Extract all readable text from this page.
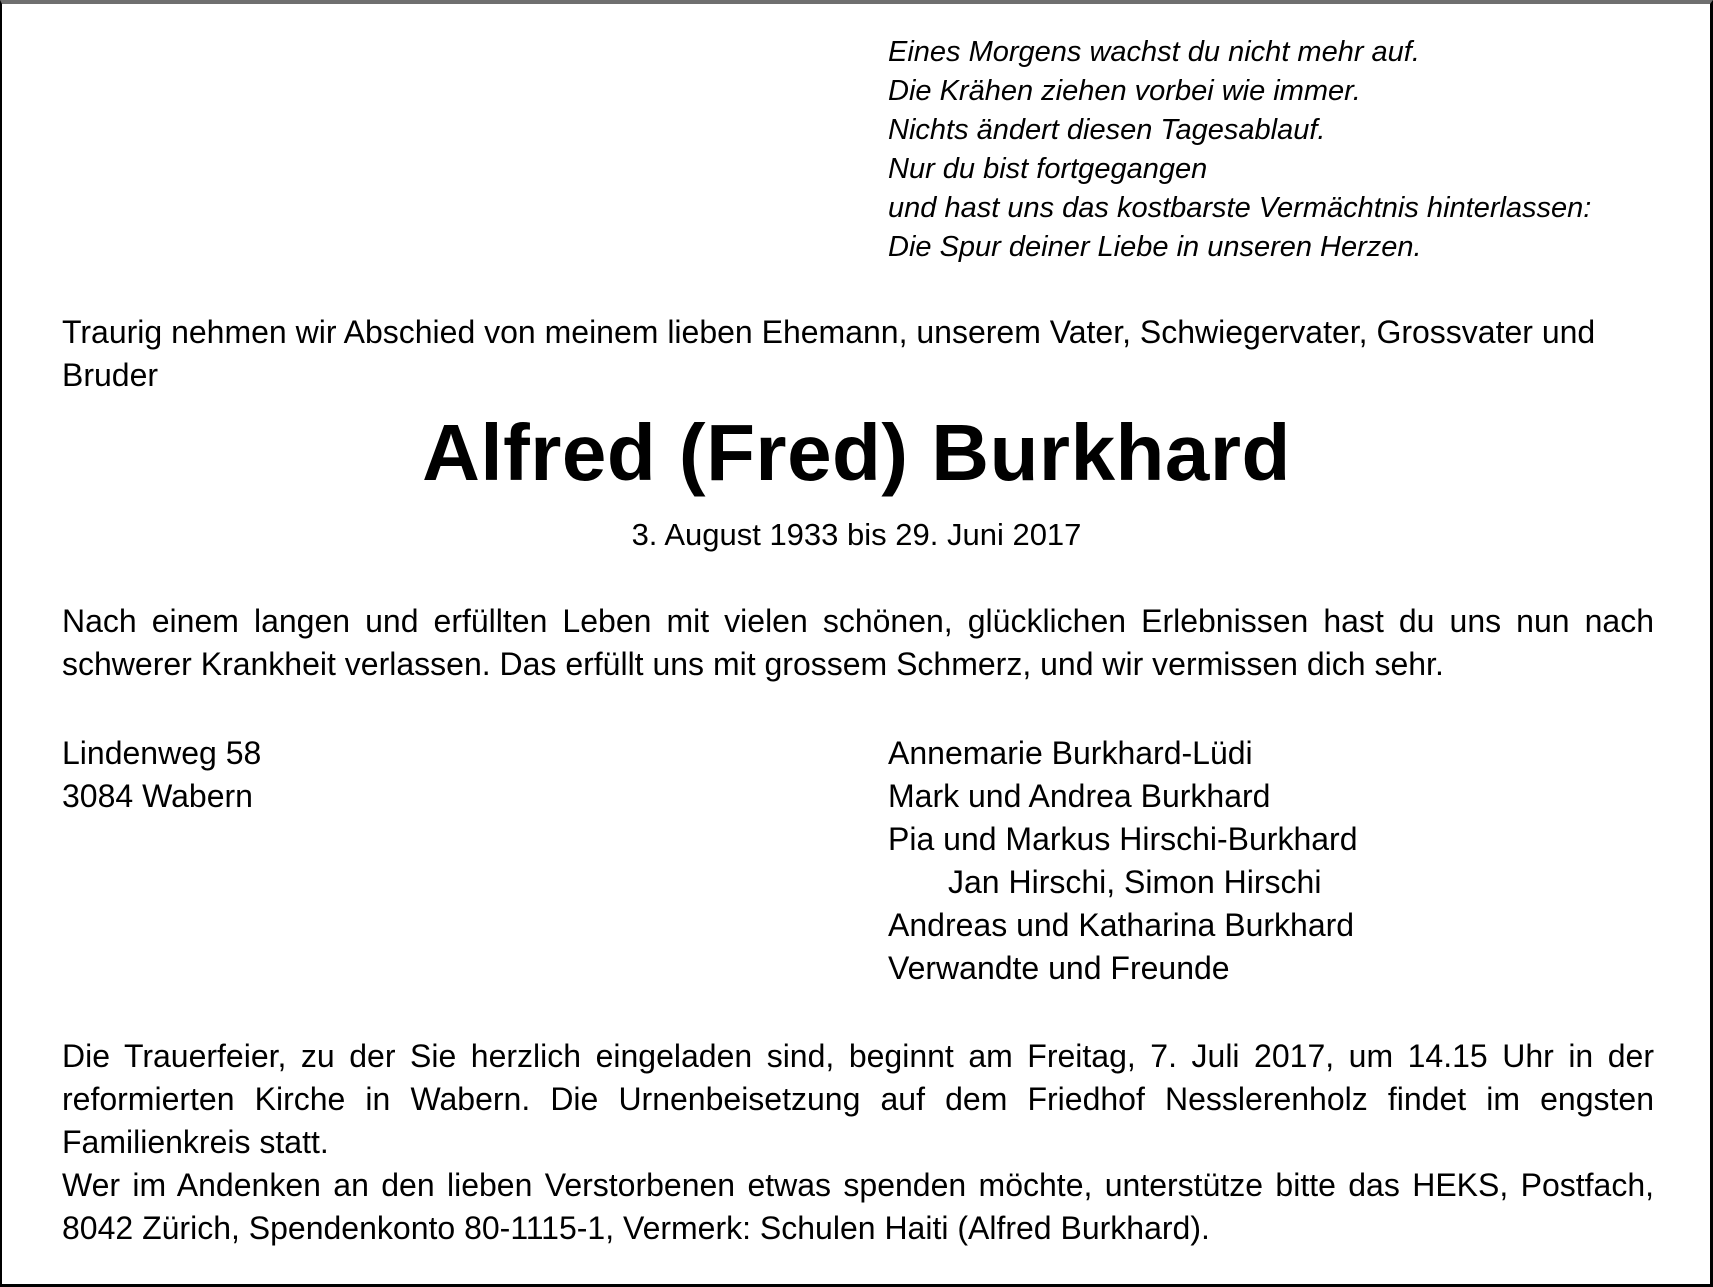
Eines Morgens wachst du nicht mehr auf.
Die Krähen ziehen vorbei wie immer.
Nichts ändert diesen Tagesablauf.
Nur du bist fortgegangen
und hast uns das kostbarste Vermächtnis hinterlassen:
Die Spur deiner Liebe in unseren Herzen.
Traurig nehmen wir Abschied von meinem lieben Ehemann, unserem Vater, Schwiegervater, Grossvater und Bruder
Alfred (Fred) Burkhard
3. August 1933 bis 29. Juni 2017
Nach einem langen und erfüllten Leben mit vielen schönen, glücklichen Erlebnissen hast du uns nun nach schwerer Krankheit verlassen. Das erfüllt uns mit grossem Schmerz, und wir vermissen dich sehr.
Lindenweg 58
3084 Wabern
Annemarie Burkhard-Lüdi
Mark und Andrea Burkhard
Pia und Markus Hirschi-Burkhard
Jan Hirschi, Simon Hirschi
Andreas und Katharina Burkhard
Verwandte und Freunde
Die Trauerfeier, zu der Sie herzlich eingeladen sind, beginnt am Freitag, 7. Juli 2017, um 14.15 Uhr in der reformierten Kirche in Wabern. Die Urnenbeisetzung auf dem Friedhof Nesslerenholz findet im engsten Familienkreis statt.
Wer im Andenken an den lieben Verstorbenen etwas spenden möchte, unterstütze bitte das HEKS, Postfach, 8042 Zürich, Spendenkonto 80-1115-1, Vermerk: Schulen Haiti (Alfred Burkhard).
